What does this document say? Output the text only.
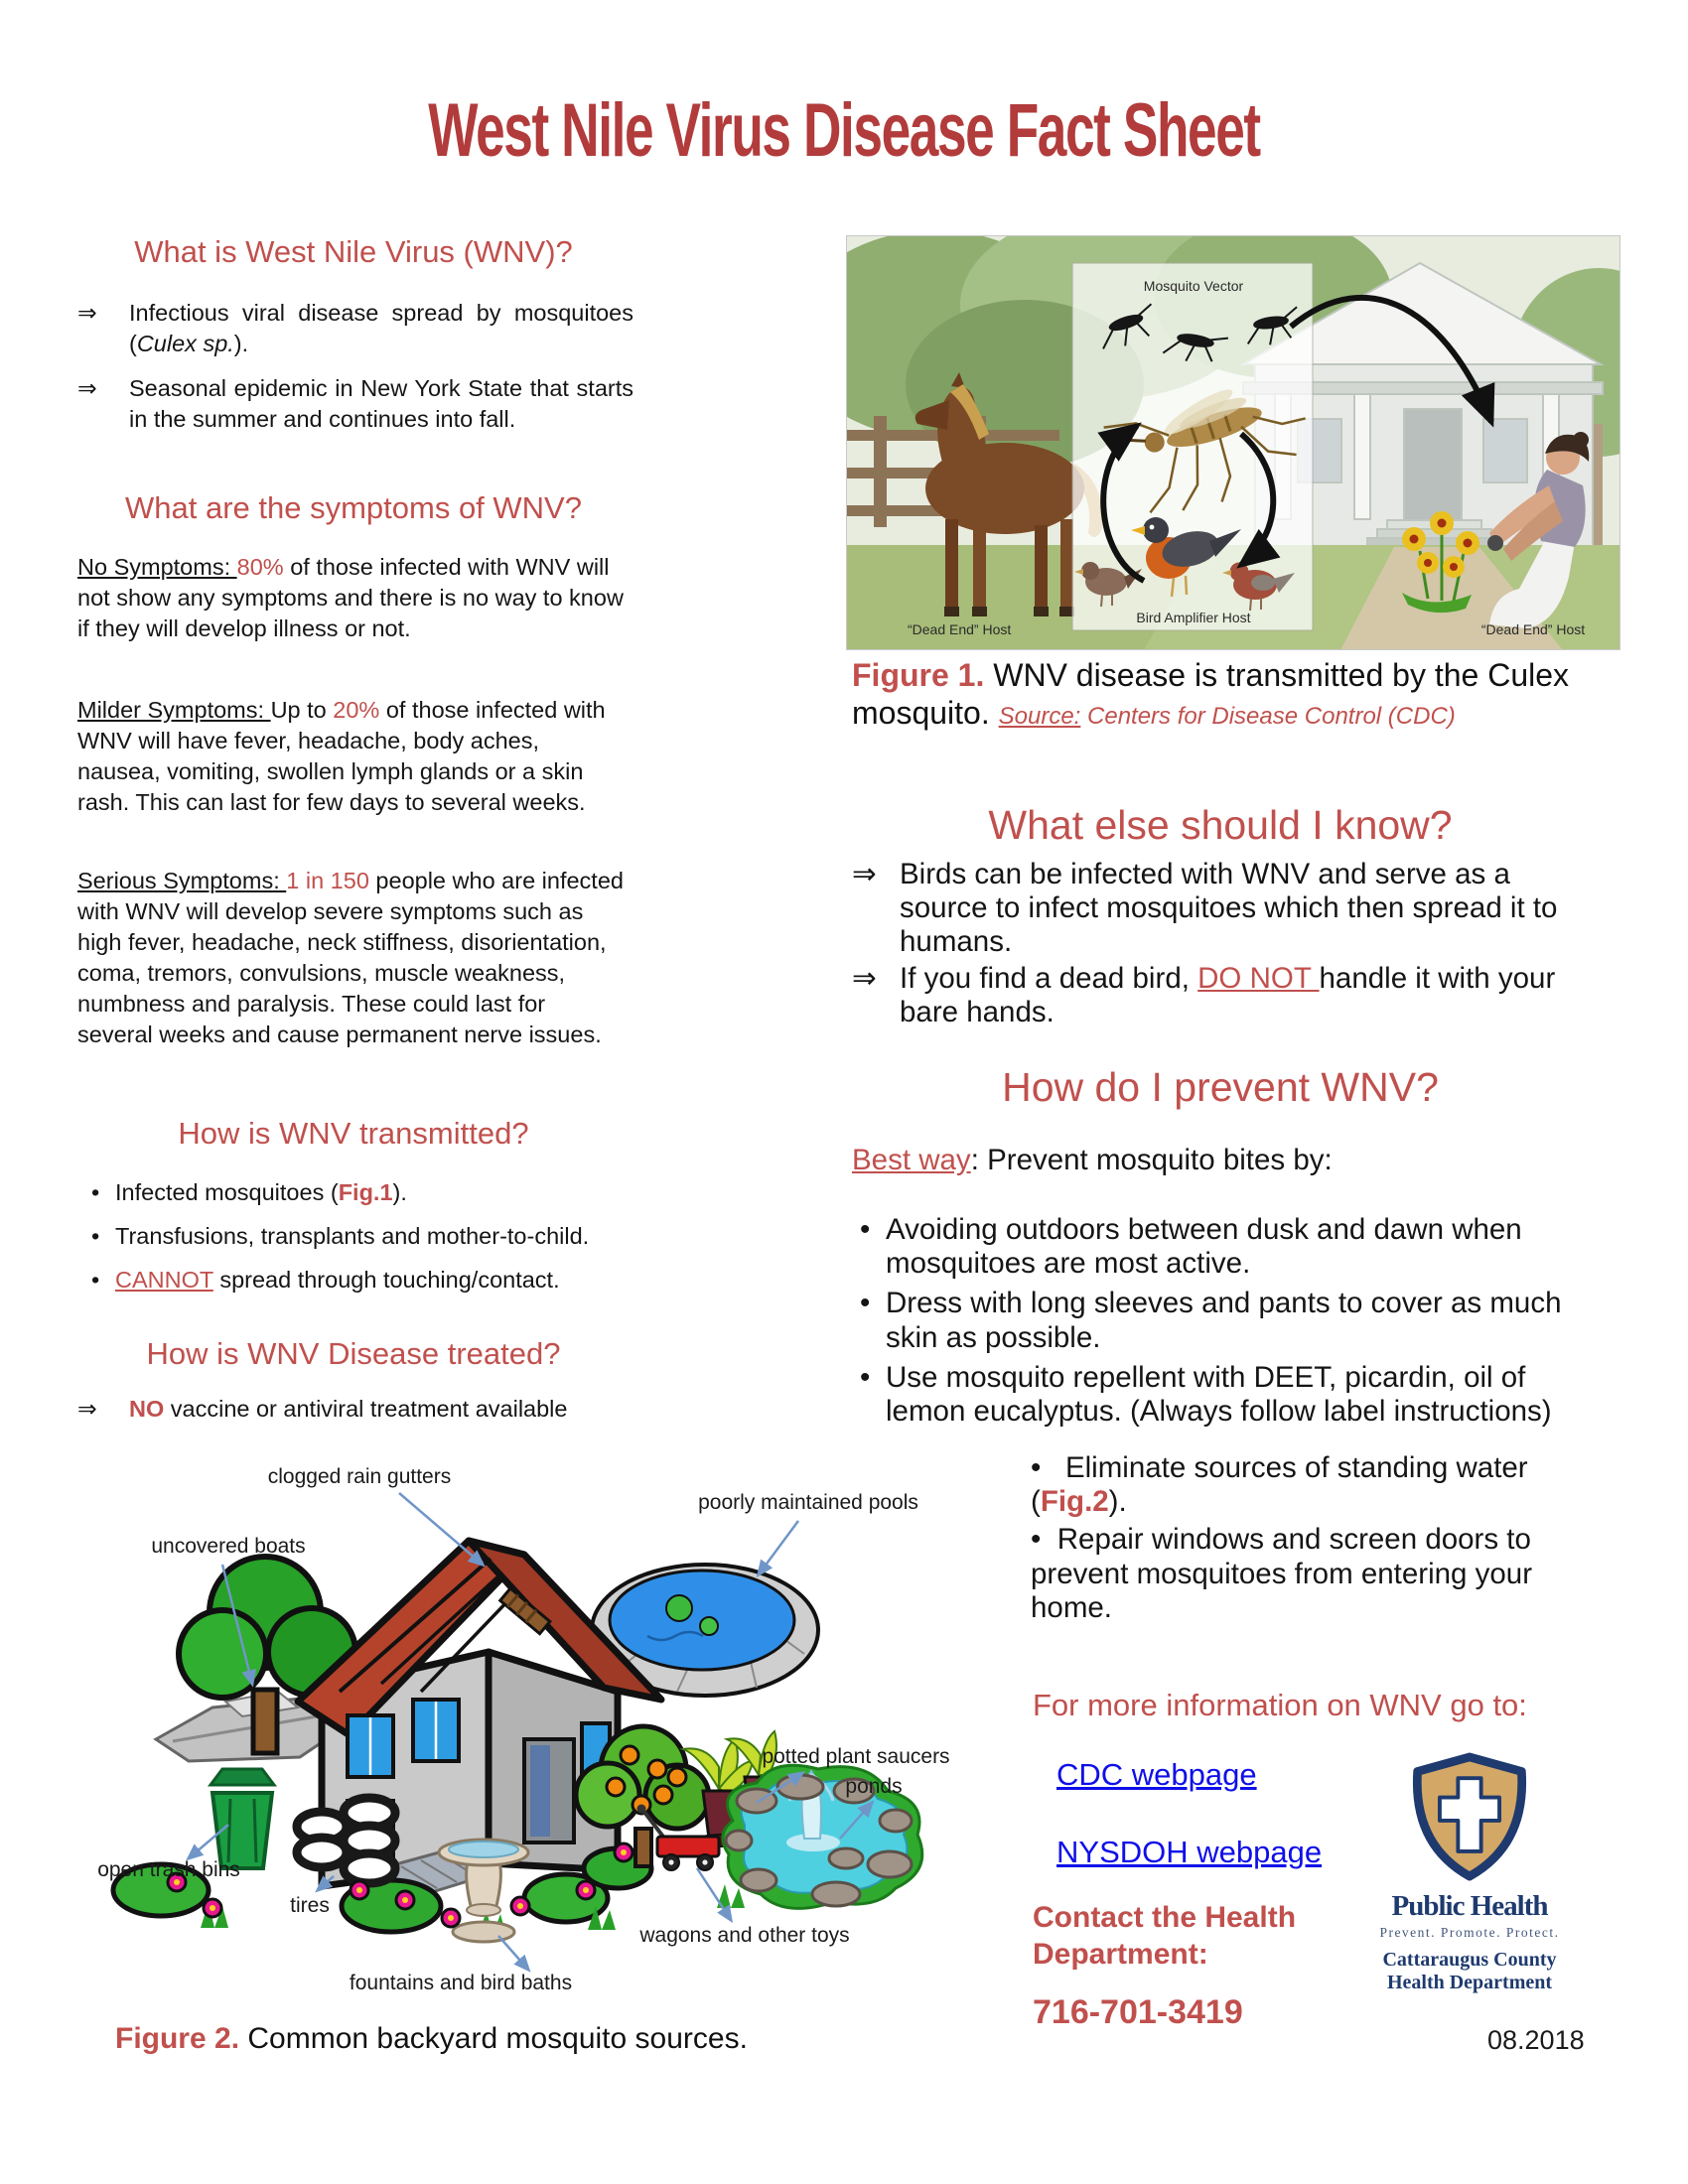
West Nile Virus Disease Fact Sheet
What is West Nile Virus (WNV)?
⇒
Infectious viral disease spread by mosquitoes (Culex sp.).
⇒
Seasonal epidemic in New York State that starts in the summer and continues into fall.
What are the symptoms of WNV?
No Symptoms: 80% of those infected with WNV will not show any symptoms and there is no way to know if they will develop illness or not.
Milder Symptoms: Up to 20% of those infected with WNV will have fever, headache, body aches, nausea, vomiting, swollen lymph glands or a skin rash. This can last for few days to several weeks.
Serious Symptoms: 1 in 150 people who are infected with WNV will develop severe symptoms such as high fever, headache, neck stiffness, disorientation, coma, tremors, convulsions, muscle weakness, numbness and paralysis. These could last for several weeks and cause permanent nerve issues.
How is WNV transmitted?
• Infected mosquitoes (Fig.1).
• Transfusions, transplants and mother-to-child.
• CANNOT spread through touching/contact.
How is WNV Disease treated?
⇒
NO vaccine or antiviral treatment available
“Dead End” Host
Mosquito Vector
Bird Amplifier Host
“Dead End” Host
Figure 1. WNV disease is transmitted by the Culex mosquito. Source: Centers for Disease Control (CDC)
What else should I know?
⇒
Birds can be infected with WNV and serve as a source to infect mosquitoes which then spread it to humans.
⇒
If you find a dead bird, DO NOT handle it with your bare hands.
How do I prevent WNV?
Best way: Prevent mosquito bites by:
• Avoiding outdoors between dusk and dawn when mosquitoes are most active.
• Dress with long sleeves and pants to cover as much skin as possible.
• Use mosquito repellent with DEET, picardin, oil of lemon eucalyptus. (Always follow label instructions)
•  Eliminate sources of standing water (Fig.2).
•  Repair windows and screen doors to prevent mosquitoes from entering your home.
For more information on WNV go to:
CDC webpage
NYSDOH webpage
Contact the Health Department:
716-701-3419
Public Health
Prevent. Promote. Protect.
Cattaraugus County
Health Department
08.2018
clogged rain gutters
uncovered boats
poorly maintained pools
potted plant saucers
ponds
open trash bins
tires
wagons and other toys
fountains and bird baths
Figure 2. Common backyard mosquito sources.
